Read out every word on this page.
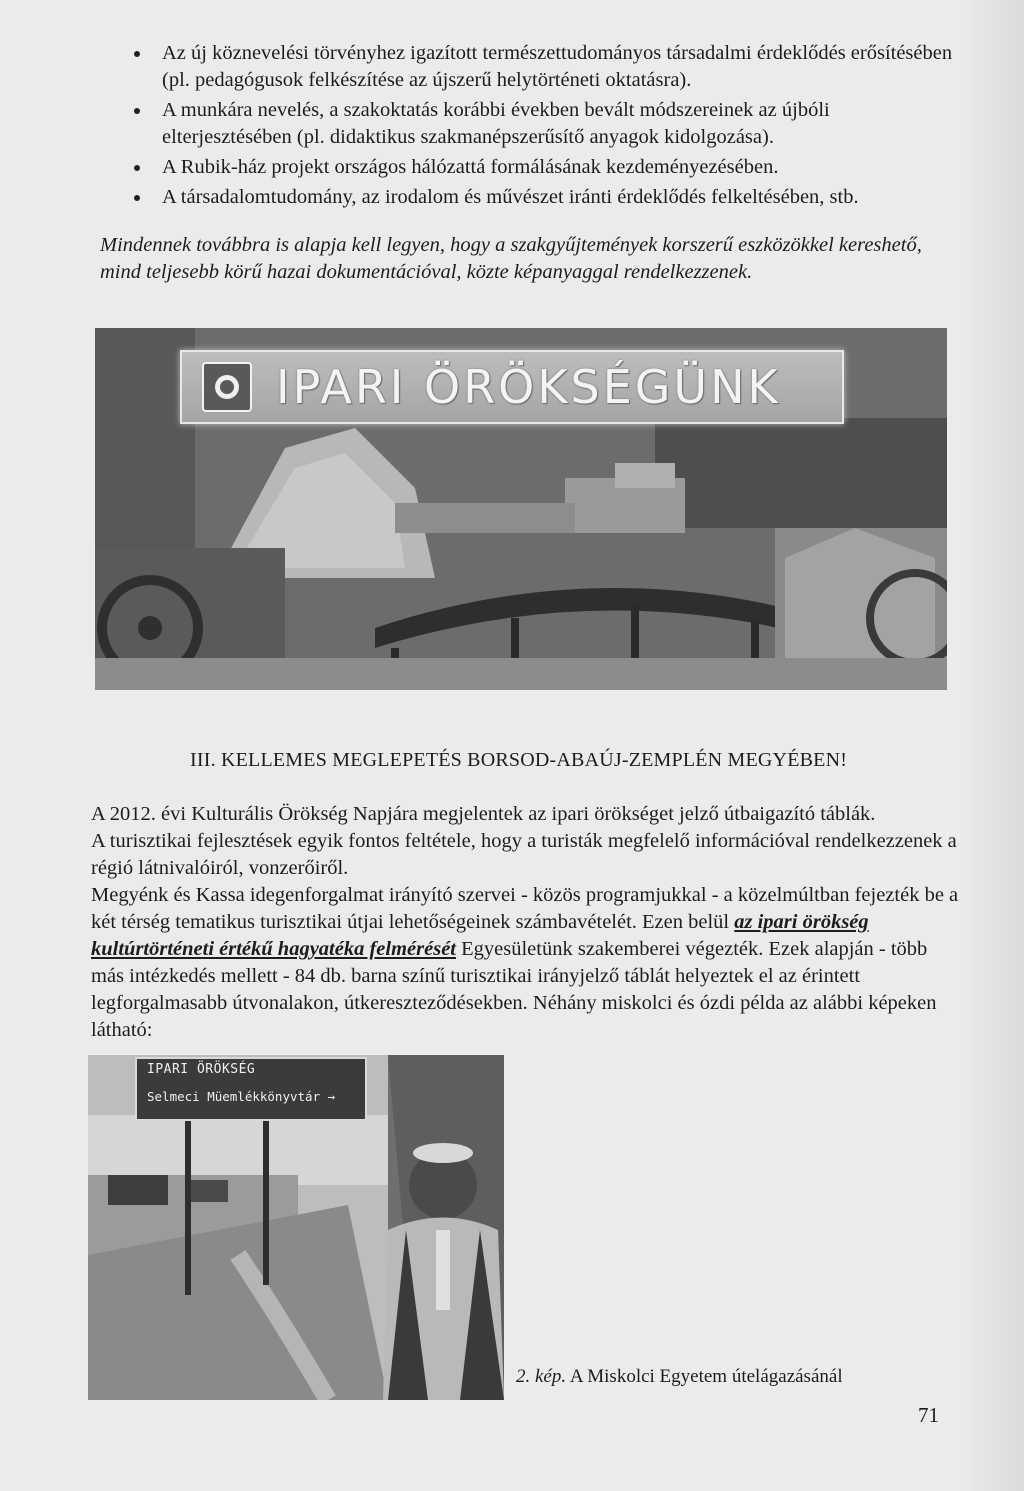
Az új köznevelési törvényhez igazított természettudományos társadalmi érdeklődés erősítésében (pl. pedagógusok felkészítése az újszerű helytörténeti oktatásra).
A munkára nevelés, a szakoktatás korábbi években bevált módszereinek az újbóli elterjesztésében (pl. didaktikus szakmanépszerűsítő anyagok kidolgozása).
A Rubik-ház projekt országos hálózattá formálásának kezdeményezésében.
A társadalomtudomány, az irodalom és művészet iránti érdeklődés felkeltésében, stb.
Mindennek továbbra is alapja kell legyen, hogy a szakgyűjtemények korszerű eszközökkel kereshető, mind teljesebb körű hazai dokumentációval, közte képanyaggal rendelkezzenek.
IPARI ÖRÖKSÉGÜNK
III. KELLEMES MEGLEPETÉS BORSOD-ABAÚJ-ZEMPLÉN MEGYÉBEN!

A 2012. évi Kulturális Örökség Napjára megjelentek az ipari örökséget jelző útbaigazító táblák.

A turisztikai fejlesztések egyik fontos feltétele, hogy a turisták megfelelő információval rendelkezzenek a régió látnivalóiról, vonzerőiről.

Megyénk és Kassa idegenforgalmat irányító szervei - közös programjukkal - a közelmúltban fejezték be a két térség tematikus turisztikai útjai lehetőségeinek számbavételét. Ezen belül az ipari örökség kultúrtörténeti értékű hagyatéka felmérését Egyesületünk szakemberei végezték. Ezek alapján - több más intézkedés mellett - 84 db. barna színű turisztikai irányjelző táblát helyeztek el az érintett legforgalmasabb útvonalakon, útkereszteződésekben. Néhány miskolci és ózdi példa az alábbi képeken látható:

IPARI ÖRÖKSÉG
Selmeci Müemlékkönyvtár →
2. kép. A Miskolci Egyetem útelágazásánál
71
